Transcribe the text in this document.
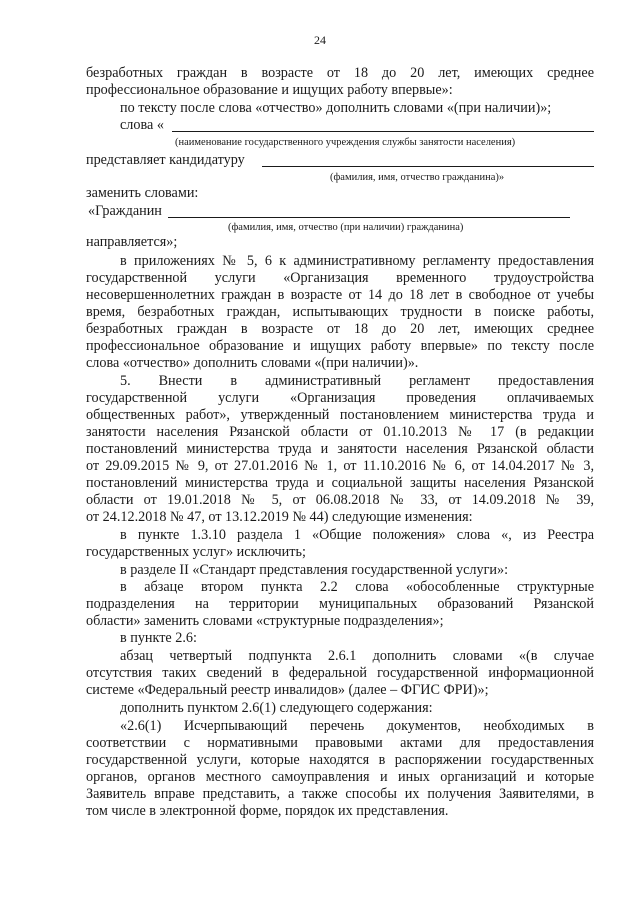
24
безработных граждан в возрасте от 18 до 20 лет, имеющих среднее
профессиональное образование и ищущих работу впервые»:
по тексту после слова «отчество» дополнить словами «(при наличии)»;
слова «
(наименование государственного учреждения службы занятости населения)
представляет кандидатуру
(фамилия, имя, отчество гражданина)»
заменить словами:
«Гражданин
(фамилия, имя, отчество (при наличии) гражданина)
направляется»;
в приложениях № 5, 6 к административному регламенту предоставления
государственной услуги «Организация временного трудоустройства
несовершеннолетних граждан в возрасте от 14 до 18 лет в свободное от учебы
время, безработных граждан, испытывающих трудности в поиске работы,
безработных граждан в возрасте от 18 до 20 лет, имеющих среднее
профессиональное образование и ищущих работу впервые» по тексту после
слова «отчество» дополнить словами «(при наличии)».
5. Внести в административный регламент предоставления
государственной услуги «Организация проведения оплачиваемых
общественных работ», утвержденный постановлением министерства труда и
занятости населения Рязанской области от 01.10.2013 № 17 (в редакции
постановлений министерства труда и занятости населения Рязанской области
от 29.09.2015 № 9, от 27.01.2016 № 1, от 11.10.2016 № 6, от 14.04.2017 № 3,
постановлений министерства труда и социальной защиты населения Рязанской
области от 19.01.2018 № 5, от 06.08.2018 № 33, от 14.09.2018 № 39,
от 24.12.2018 № 47, от 13.12.2019 № 44) следующие изменения:
в пункте 1.3.10 раздела 1 «Общие положения» слова «, из Реестра
государственных услуг» исключить;
в разделе II «Стандарт представления государственной услуги»:
в абзаце втором пункта 2.2 слова «обособленные структурные
подразделения на территории муниципальных образований Рязанской
области» заменить словами «структурные подразделения»;
в пункте 2.6:
абзац четвертый подпункта 2.6.1 дополнить словами «(в случае
отсутствия таких сведений в федеральной государственной информационной
системе «Федеральный реестр инвалидов» (далее – ФГИС ФРИ)»;
дополнить пунктом 2.6(1) следующего содержания:
«2.6(1) Исчерпывающий перечень документов, необходимых в
соответствии с нормативными правовыми актами для предоставления
государственной услуги, которые находятся в распоряжении государственных
органов, органов местного самоуправления и иных организаций и которые
Заявитель вправе представить, а также способы их получения Заявителями, в
том числе в электронной форме, порядок их представления.
